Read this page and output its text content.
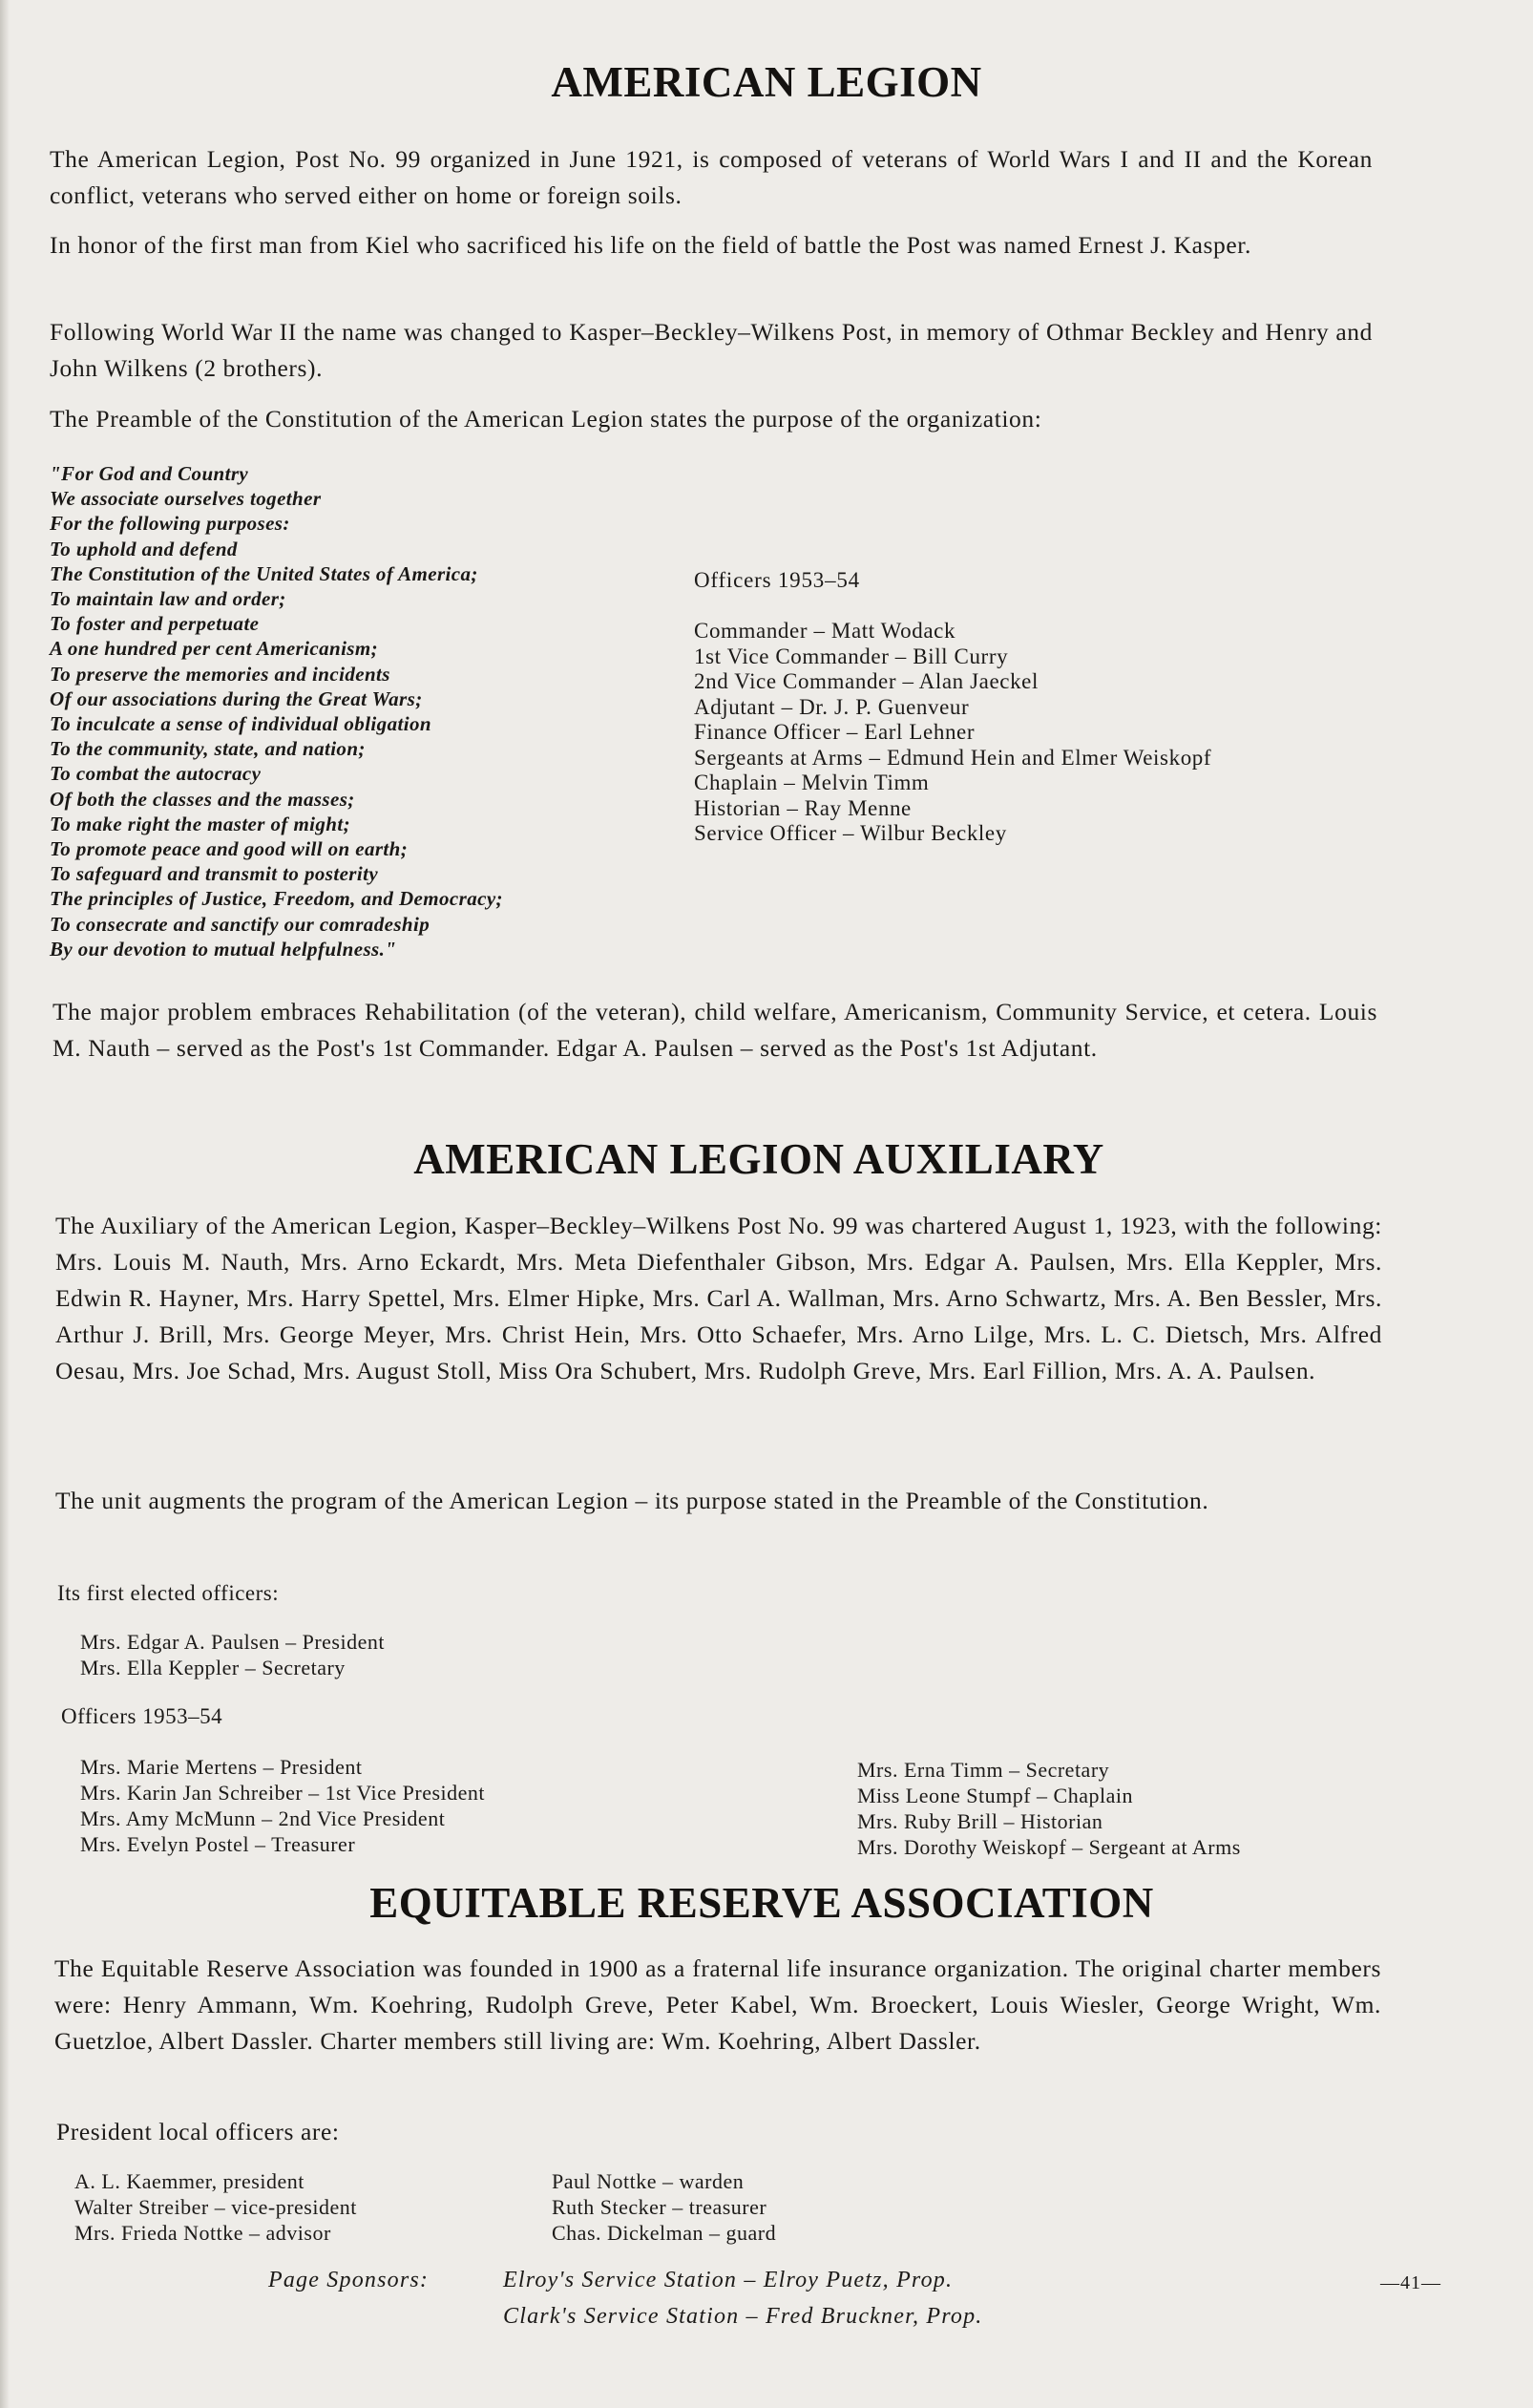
AMERICAN LEGION

The American Legion, Post No. 99 organized in June 1921, is composed of veterans of World Wars I and II and the Korean conflict, veterans who served either on home or foreign soils.

In honor of the first man from Kiel who sacrificed his life on the field of battle the Post was named Ernest J. Kasper.

Following World War II the name was changed to Kasper–Beckley–Wilkens Post, in memory of Othmar Beckley and Henry and John Wilkens (2 brothers).

The Preamble of the Constitution of the American Legion states the purpose of the organization:

"For God and Country
We associate ourselves together
For the following purposes:
To uphold and defend
The Constitution of the United States of America;
To maintain law and order;
To foster and perpetuate
A one hundred per cent Americanism;
To preserve the memories and incidents
Of our associations during the Great Wars;
To inculcate a sense of individual obligation
To the community, state, and nation;
To combat the autocracy
Of both the classes and the masses;
To make right the master of might;
To promote peace and good will on earth;
To safeguard and transmit to posterity
The principles of Justice, Freedom, and Democracy;
To consecrate and sanctify our comradeship
By our devotion to mutual helpfulness."
Officers 1953–54
Commander – Matt Wodack
1st Vice Commander – Bill Curry
2nd Vice Commander – Alan Jaeckel
Adjutant – Dr. J. P. Guenveur
Finance Officer – Earl Lehner
Sergeants at Arms – Edmund Hein and Elmer Weiskopf
Chaplain – Melvin Timm
Historian – Ray Menne
Service Officer – Wilbur Beckley

The major problem embraces Rehabilitation (of the veteran), child welfare, Americanism, Community Service, et cetera. Louis M. Nauth – served as the Post's 1st Commander. Edgar A. Paulsen – served as the Post's 1st Adjutant.

AMERICAN LEGION AUXILIARY

The Auxiliary of the American Legion, Kasper–Beckley–Wilkens Post No. 99 was chartered August 1, 1923, with the following: Mrs. Louis M. Nauth, Mrs. Arno Eckardt, Mrs. Meta Diefenthaler Gibson, Mrs. Edgar A. Paulsen, Mrs. Ella Keppler, Mrs. Edwin R. Hayner, Mrs. Harry Spettel, Mrs. Elmer Hipke, Mrs. Carl A. Wallman, Mrs. Arno Schwartz, Mrs. A. Ben Bessler, Mrs. Arthur J. Brill, Mrs. George Meyer, Mrs. Christ Hein, Mrs. Otto Schaefer, Mrs. Arno Lilge, Mrs. L. C. Dietsch, Mrs. Alfred Oesau, Mrs. Joe Schad, Mrs. August Stoll, Miss Ora Schubert, Mrs. Rudolph Greve, Mrs. Earl Fillion, Mrs. A. A. Paulsen.

The unit augments the program of the American Legion – its purpose stated in the Preamble of the Constitution.

Its first elected officers:
Mrs. Edgar A. Paulsen – President
Mrs. Ella Keppler – Secretary
Officers 1953–54
Mrs. Marie Mertens – President
Mrs. Karin Jan Schreiber – 1st Vice President
Mrs. Amy McMunn – 2nd Vice President
Mrs. Evelyn Postel – Treasurer
Mrs. Erna Timm – Secretary
Miss Leone Stumpf – Chaplain
Mrs. Ruby Brill – Historian
Mrs. Dorothy Weiskopf – Sergeant at Arms
EQUITABLE RESERVE ASSOCIATION

The Equitable Reserve Association was founded in 1900 as a fraternal life insurance organization. The original charter members were: Henry Ammann, Wm. Koehring, Rudolph Greve, Peter Kabel, Wm. Broeckert, Louis Wiesler, George Wright, Wm. Guetzloe, Albert Dassler. Charter members still living are: Wm. Koehring, Albert Dassler.

President local officers are:

A. L. Kaemmer, president
Walter Streiber – vice-president
Mrs. Frieda Nottke – advisor
Paul Nottke – warden
Ruth Stecker – treasurer
Chas. Dickelman – guard
Page Sponsors:	Elroy's Service Station – Elroy Puetz, Prop.
Clark's Service Station – Fred Bruckner, Prop.
—41—
